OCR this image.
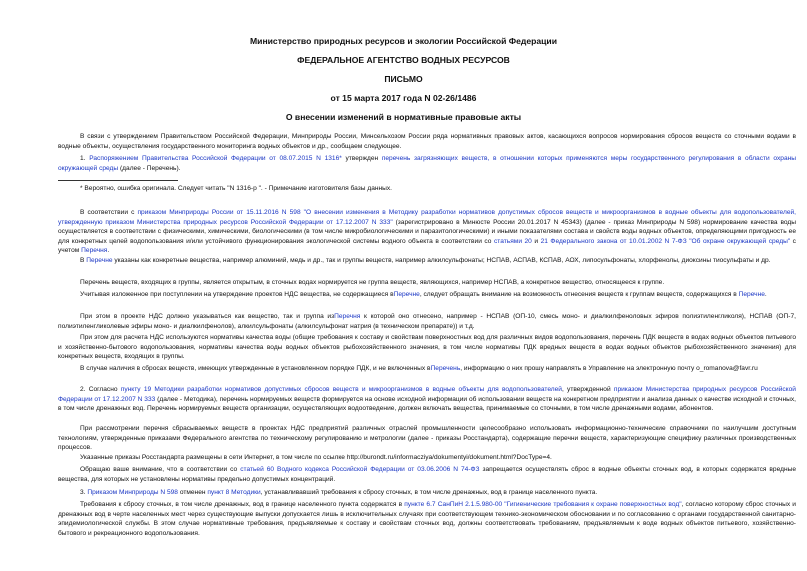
Министерство природных ресурсов и экологии Российской Федерации
ФЕДЕРАЛЬНОЕ АГЕНТСТВО ВОДНЫХ РЕСУРСОВ
ПИСЬМО
от 15 марта 2017 года N 02-26/1486
О внесении изменений в нормативные правовые акты

В связи с утверждением Правительством Российской Федерации, Минприроды России, Минсельхозом России ряда нормативных правовых актов, касающихся вопросов нормирования сбросов веществ со сточными водами в водные объекты, осуществления государственного мониторинга водных объектов и др., сообщаем следующее.

1. Распоряжением Правительства Российской Федерации от 08.07.2015 N 1316* утвержден перечень загрязняющих веществ, в отношении которых применяются меры государственного регулирования в области охраны окружающей среды (далее - Перечень).

* Вероятно, ошибка оригинала. Следует читать "N 1316-р ". - Примечание изготовителя базы данных.

В соответствии с приказом Минприроды России от 15.11.2016 N 598 "О внесении изменения в Методику разработки нормативов допустимых сбросов веществ и микроорганизмов в водные объекты для водопользователей, утвержденную приказом Министерства природных ресурсов Российской Федерации от 17.12.2007 N 333" (зарегистрировано в Минюсте России 20.01.2017 N 45343) (далее - приказ Минприроды N 598) нормирование качества воды осуществляется в соответствии с физическими, химическими, биологическими (в том числе микробиологическими и паразитологическими) и иными показателями состава и свойств воды водных объектов, определяющими пригодность ее для конкретных целей водопользования и/или устойчивого функционирования экологической системы водного объекта в соответствии со статьями 20 и 21 Федерального закона от 10.01.2002 N 7-ФЗ "Об охране окружающей среды" с учетом Перечня.

В Перечне указаны как конкретные вещества, например алюминий, медь и др., так и группы веществ, например алкилсульфонаты; НСПАВ, АСПАВ, КСПАВ, АОХ, липосульфонаты, хлорфенолы, диоксины тиосульфаты и др.

Перечень веществ, входящих в группы, является открытым, в сточных водах нормируется не группа веществ, являющихся, например НСПАВ, а конкретное вещество, относящееся к группе.

Учитывая изложенное при поступлении на утверждение проектов НДС вещества, не содержащиеся вПеречне, следует обращать внимание на возможность отнесения веществ к группам веществ, содержащихся в Перечне.

При этом в проекте НДС должно указываться как вещество, так и группа изПеречня к которой оно отнесено, например - НСПАВ (ОП-10, смесь моно- и диалкилфеноловых эфиров полиэтиленгликоля), НСПАВ (ОП-7, полиэтиленгликолевые эфиры моно- и диалкилфенолов), алкилсульфонаты (алкилсульфонат натрия (в техническом препарате)) и т.д.

При этом для расчета НДС используются нормативы качества воды (общие требования к составу и свойствам поверхностных вод для различных видов водопользования, перечень ПДК веществ в водах водных объектов питьевого и хозяйственно-бытового водопользования, нормативы качества воды водных объектов рыбохозяйственного значения, в том числе нормативы ПДК вредных веществ в водах водных объектов рыбохозяйственного значения) для конкретных веществ, входящих в группы.

В случае наличия в сбросах веществ, имеющих утвержденные в установленном порядке ПДК, и не включенных вПеречень, информацию о них прошу направлять в Управление на электронную почту o_romanova@favr.ru

2. Согласно пункту 19 Методики разработки нормативов допустимых сбросов веществ и микроорганизмов в водные объекты для водопользователей, утвержденной приказом Министерства природных ресурсов Российской Федерации от 17.12.2007 N 333 (далее - Методика), перечень нормируемых веществ формируется на основе исходной информации об использовании веществ на конкретном предприятии и анализа данных о качестве исходной и сточных, в том числе дренажных вод. Перечень нормируемых веществ организации, осуществляющих водоотведение, должен включать вещества, принимаемые со сточными, в том числе дренажными водами, абонентов.

При рассмотрении перечня сбрасываемых веществ в проектах НДС предприятий различных отраслей промышленности целесообразно использовать информационно-технические справочники по наилучшим доступным технологиям, утвержденные приказами Федерального агентства по техническому регулированию и метрологии (далее - приказы Росстандарта), содержащие перечни веществ, характеризующие специфику различных производственных процессов.

Указанные приказы Росстандарта размещены в сети Интернет, в том числе по ссылке http://burondt.ru/informacziya/dokumentyi/dokument.html?DocType=4.

Обращаю ваше внимание, что в соответствии со статьей 60 Водного кодекса Российской Федерации от 03.06.2006 N 74-ФЗ запрещается осуществлять сброс в водные объекты сточных вод, в которых содержатся вредные вещества, для которых не установлены нормативы предельно допустимых концентраций.

3. Приказом Минприроды N 598 отменен пункт 8 Методики, устанавливавший требования к сбросу сточных, в том числе дренажных, вод в границе населенного пункта.

Требования к сбросу сточных, в том числе дренажных, вод в границе населенного пункта содержатся в пункте 6.7 СанПиН 2.1.5.980-00 "Гигиенические требования к охране поверхностных вод", согласно которому сброс сточных и дренажных вод в черте населенных мест через существующие выпуски допускается лишь в исключительных случаях при соответствующем технико-экономическом обосновании и по согласованию с органами государственной санитарно-эпидемиологической службы. В этом случае нормативные требования, предъявляемые к составу и свойствам сточных вод, должны соответствовать требованиям, предъявляемым к воде водных объектов питьевого, хозяйственно-бытового и рекреационного водопользования.
